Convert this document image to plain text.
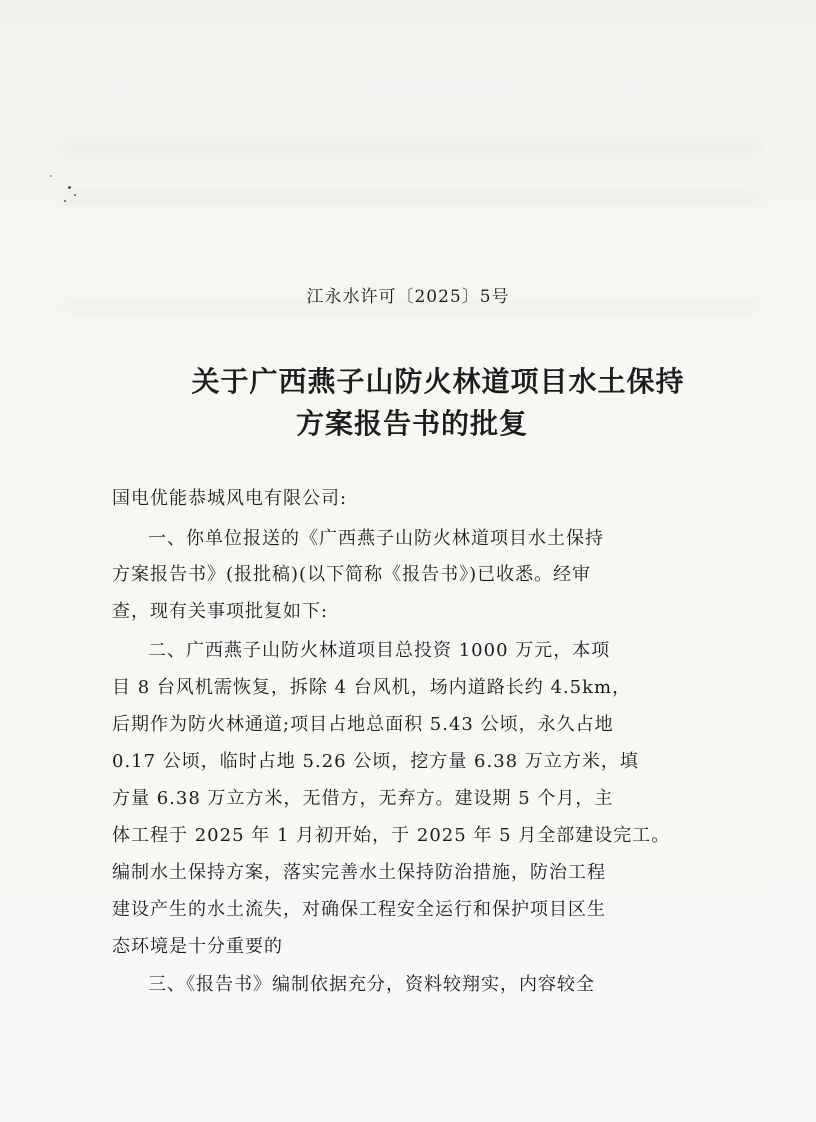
江永水许可〔2025〕5号
关于广西燕子山防火林道项目水土保持
方案报告书的批复
国电优能恭城风电有限公司:
一、你单位报送的《广西燕子山防火林道项目水土保持
方案报告书》(报批稿)(以下简称《报告书》)已收悉。经审
查，现有关事项批复如下:
二、广西燕子山防火林道项目总投资 1000 万元，本项
目 8 台风机需恢复，拆除 4 台风机，场内道路长约 4.5km，
后期作为防火林通道;项目占地总面积 5.43 公顷，永久占地
0.17 公顷，临时占地 5.26 公顷，挖方量 6.38 万立方米，填
方量 6.38 万立方米，无借方，无弃方。建设期 5 个月，主
体工程于 2025 年 1 月初开始，于 2025 年 5 月全部建设完工。
编制水土保持方案，落实完善水土保持防治措施，防治工程
建设产生的水土流失，对确保工程安全运行和保护项目区生
态环境是十分重要的
三、《报告书》编制依据充分，资料较翔实，内容较全
